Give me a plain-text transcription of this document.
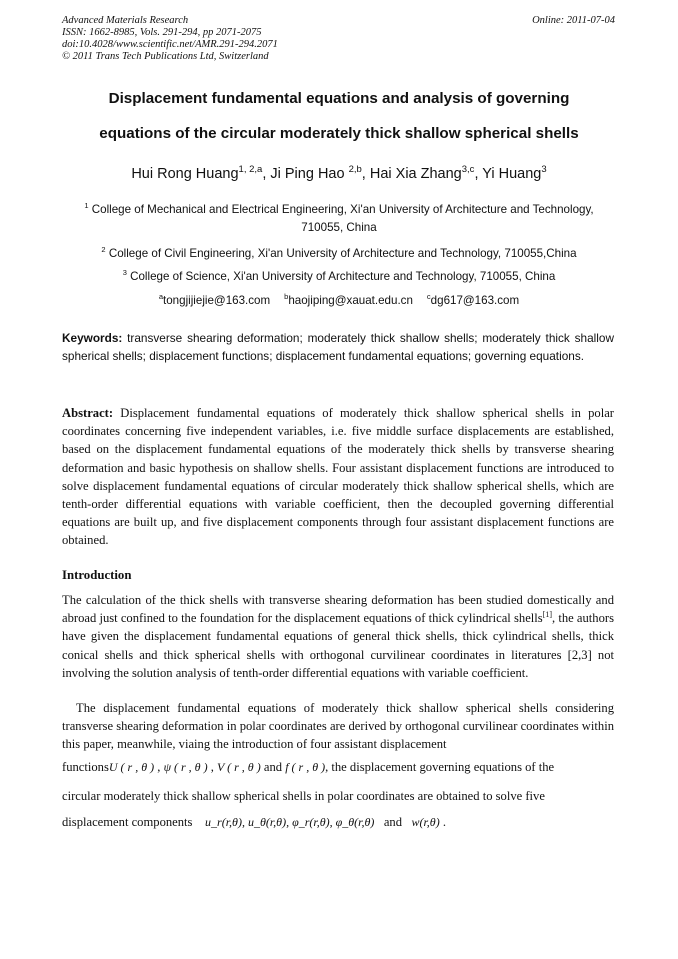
Advanced Materials Research
ISSN: 1662-8985, Vols. 291-294, pp 2071-2075
doi:10.4028/www.scientific.net/AMR.291-294.2071
© 2011 Trans Tech Publications Ltd, Switzerland
Online: 2011-07-04
Displacement fundamental equations and analysis of governing
equations of the circular moderately thick shallow spherical shells
Hui Rong Huang$^{1, 2,a}$, Ji Ping Hao $^{2,b}$, Hai Xia Zhang$^{3,c}$, Yi Huang$^3$
$^1$ College of Mechanical and Electrical Engineering, Xi'an University of Architecture and Technology, 710055, China
$^2$ College of Civil Engineering, Xi'an University of Architecture and Technology, 710055,China
$^3$ College of Science, Xi'an University of Architecture and Technology, 710055, China
$^a$tongjijiejie@163.com $^b$haojiping@xauat.edu.cn $^c$dg617@163.com
Keywords: transverse shearing deformation; moderately thick shallow shells; moderately thick shallow spherical shells; displacement functions; displacement fundamental equations; governing equations.
Abstract: Displacement fundamental equations of moderately thick shallow spherical shells in polar coordinates concerning five independent variables, i.e. five middle surface displacements are established, based on the displacement fundamental equations of the moderately thick shells by transverse shearing deformation and basic hypothesis on shallow shells. Four assistant displacement functions are introduced to solve displacement fundamental equations of circular moderately thick shallow spherical shells, which are tenth-order differential equations with variable coefficient, then the decoupled governing differential equations are built up, and five displacement components through four assistant displacement functions are obtained.
Introduction
The calculation of the thick shells with transverse shearing deformation has been studied domestically and abroad just confined to the foundation for the displacement equations of thick cylindrical shells[1], the authors have given the displacement fundamental equations of general thick shells, thick cylindrical shells, thick conical shells and thick spherical shells with orthogonal curvilinear coordinates in literatures [2,3] not involving the solution analysis of tenth-order differential equations with variable coefficient.
The displacement fundamental equations of moderately thick shallow spherical shells considering transverse shearing deformation in polar coordinates are derived by orthogonal curvilinear coordinates within this paper, meanwhile, viaing the introduction of four assistant displacement
functionsU ( r , θ ) , ψ ( r , θ ) , V ( r , θ ) and f ( r , θ ), the displacement governing equations of the
circular moderately thick shallow spherical shells in polar coordinates are obtained to solve five
displacement components u_r(r,θ), u_θ(r,θ), φ_r(r,θ), φ_θ(r,θ) and w(r,θ) .
